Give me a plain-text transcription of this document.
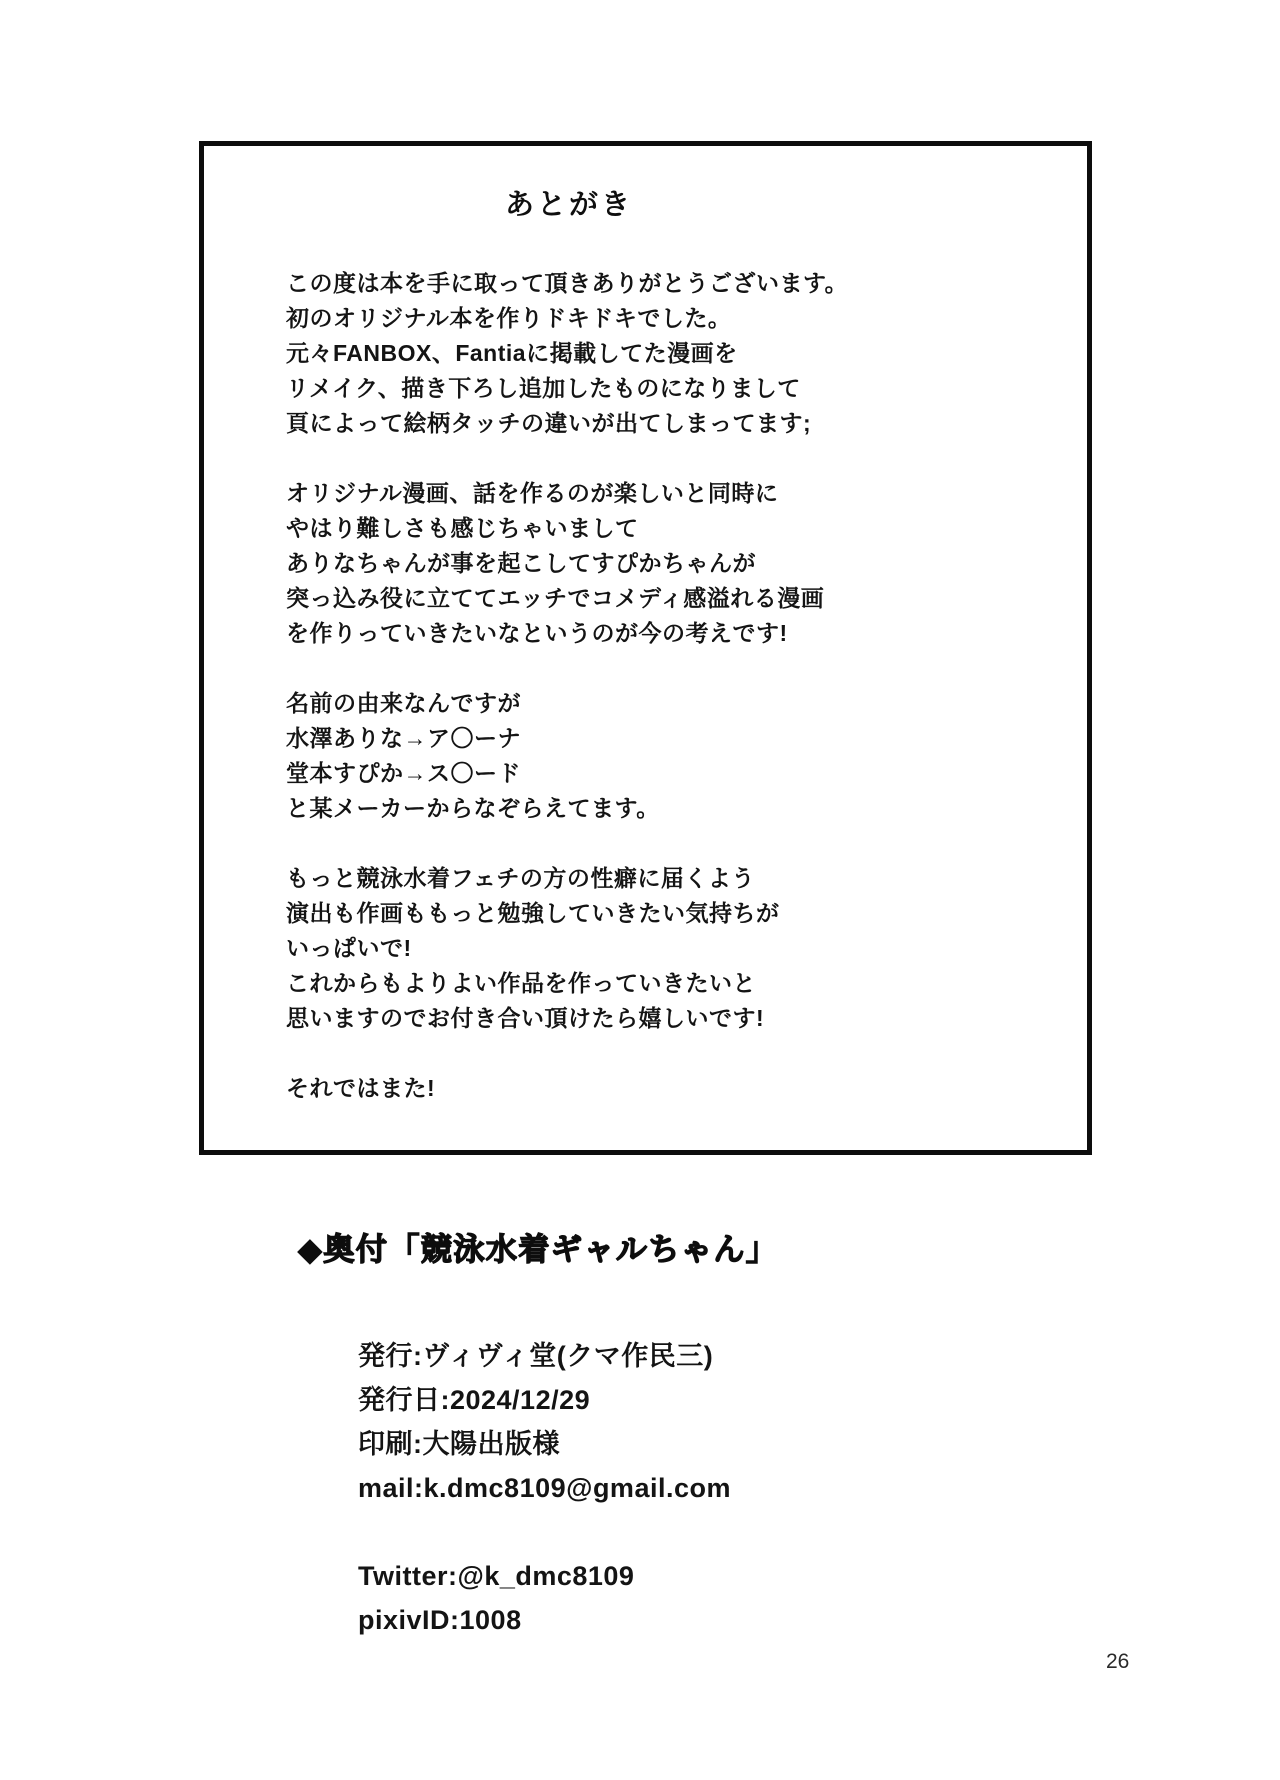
あとがき
この度は本を手に取って頂きありがとうございます。
初のオリジナル本を作りドキドキでした。
元々FANBOX、Fantiaに掲載してた漫画を
リメイク、描き下ろし追加したものになりまして
頁によって絵柄タッチの違いが出てしまってます;
オリジナル漫画、話を作るのが楽しいと同時に
やはり難しさも感じちゃいまして
ありなちゃんが事を起こしてすぴかちゃんが
突っ込み役に立ててエッチでコメディ感溢れる漫画
を作りっていきたいなというのが今の考えです!
名前の由来なんですが
水澤ありな→ア〇ーナ
堂本すぴか→ス〇ード
と某メーカーからなぞらえてます。
もっと競泳水着フェチの方の性癖に届くよう
演出も作画ももっと勉強していきたい気持ちが
いっぱいで!
これからもよりよい作品を作っていきたいと
思いますのでお付き合い頂けたら嬉しいです!
それではまた!
◆奥付「競泳水着ギャルちゃん」
発行:ヴィヴィ堂(クマ作民三)
発行日:2024/12/29
印刷:大陽出版様
mail:k.dmc8109@gmail.com
Twitter:@k_dmc8109
pixivID:1008
26
